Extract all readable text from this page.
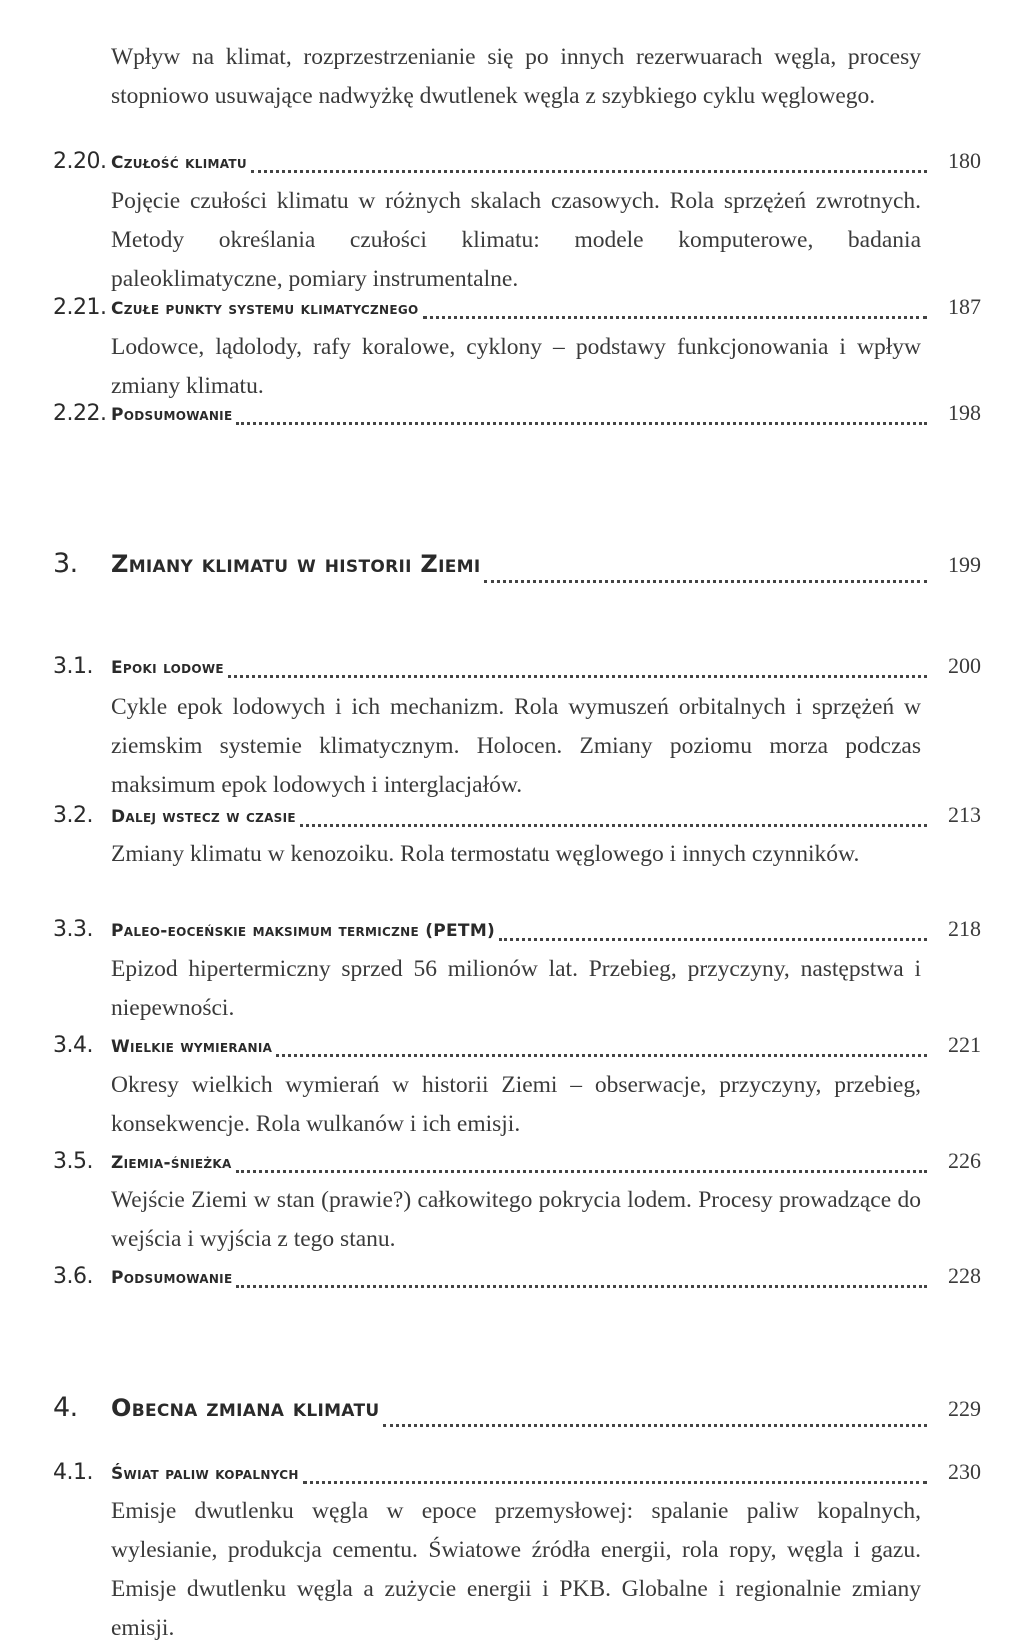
Wpływ na klimat, rozprzestrzenianie się po innych rezerwuarach węgla, procesy stopniowo usuwające nadwyżkę dwutlenek węgla z szybkiego cyklu węglowego.

2.20. Czułość klimatu	180

Pojęcie czułości klimatu w różnych skalach czasowych. Rola sprzężeń zwrotnych. Metody określania czułości klimatu: modele komputerowe, badania paleoklimatyczne, pomiary instrumentalne.

2.21. Czułe punkty systemu klimatycznego	187

Lodowce, lądolody, rafy koralowe, cyklony – podstawy funkcjonowania i wpływ zmiany klimatu.

2.22. Podsumowanie	198
3.	Zmiany klimatu w historii Ziemi	199
3.1.	Epoki lodowe	200

Cykle epok lodowych i ich mechanizm. Rola wymuszeń orbitalnych i sprzężeń w ziemskim systemie klimatycznym. Holocen. Zmiany poziomu morza podczas maksimum epok lodowych i interglacjałów.

3.2.	Dalej wstecz w czasie	213

Zmiany klimatu w kenozoiku. Rola termostatu węglowego i innych czynników.

3.3.	Paleo-eoceńskie maksimum termiczne (PETM)	218

Epizod hipertermiczny sprzed 56 milionów lat. Przebieg, przyczyny, następstwa i niepewności.

3.4.	Wielkie wymierania	221

Okresy wielkich wymierań w historii Ziemi – obserwacje, przyczyny, przebieg, konsekwencje. Rola wulkanów i ich emisji.

3.5.	Ziemia-śnieżka	226

Wejście Ziemi w stan (prawie?) całkowitego pokrycia lodem. Procesy prowadzące do wejścia i wyjścia z tego stanu.

3.6.	Podsumowanie	228
4.	Obecna zmiana klimatu	229
4.1.	Świat paliw kopalnych	230

Emisje dwutlenku węgla w epoce przemysłowej: spalanie paliw kopalnych, wylesianie, produkcja cementu. Światowe źródła energii, rola ropy, węgla i gazu. Emisje dwutlenku węgla a zużycie energii i PKB. Globalne i regionalnie zmiany emisji.
